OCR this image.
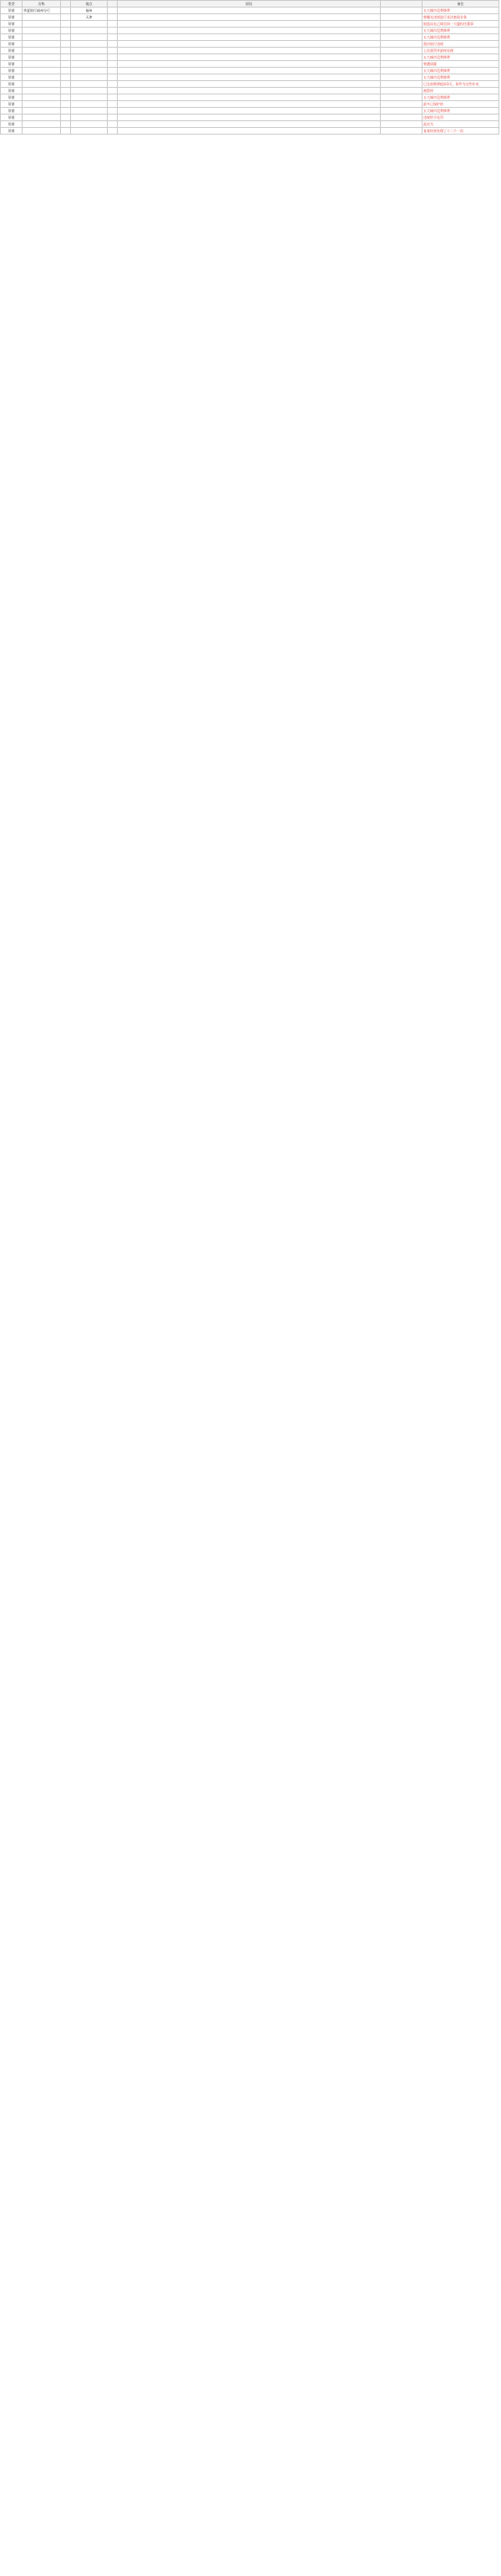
类型	名称		地点		原因		备注
吊销	华夏银行福州分行		福州				五大城市没费降费
吊销			天津				曾曝光违规进行非法套现业务
吊销							银监局长已调至同一大厦担任董事
吊销							五大城市没费降费
吊销							五大城市没费降费
吊销							重庆银行违规
吊销							上次重罚并最终处理
吊销							五大城市没费降费
吊销							曾遭质疑
吊销							五大城市没费降费
吊销							五大城市没费降费
吊销							已在前期将提前3天，原件为这些补充
吊销							被暂停
吊销							五大城市没费降费
吊销							最多已保护的
吊销							五大城市没费降费
吊销							违规给予处罚
吊销							此次为
吊销							复查结果处理了十二个一次
